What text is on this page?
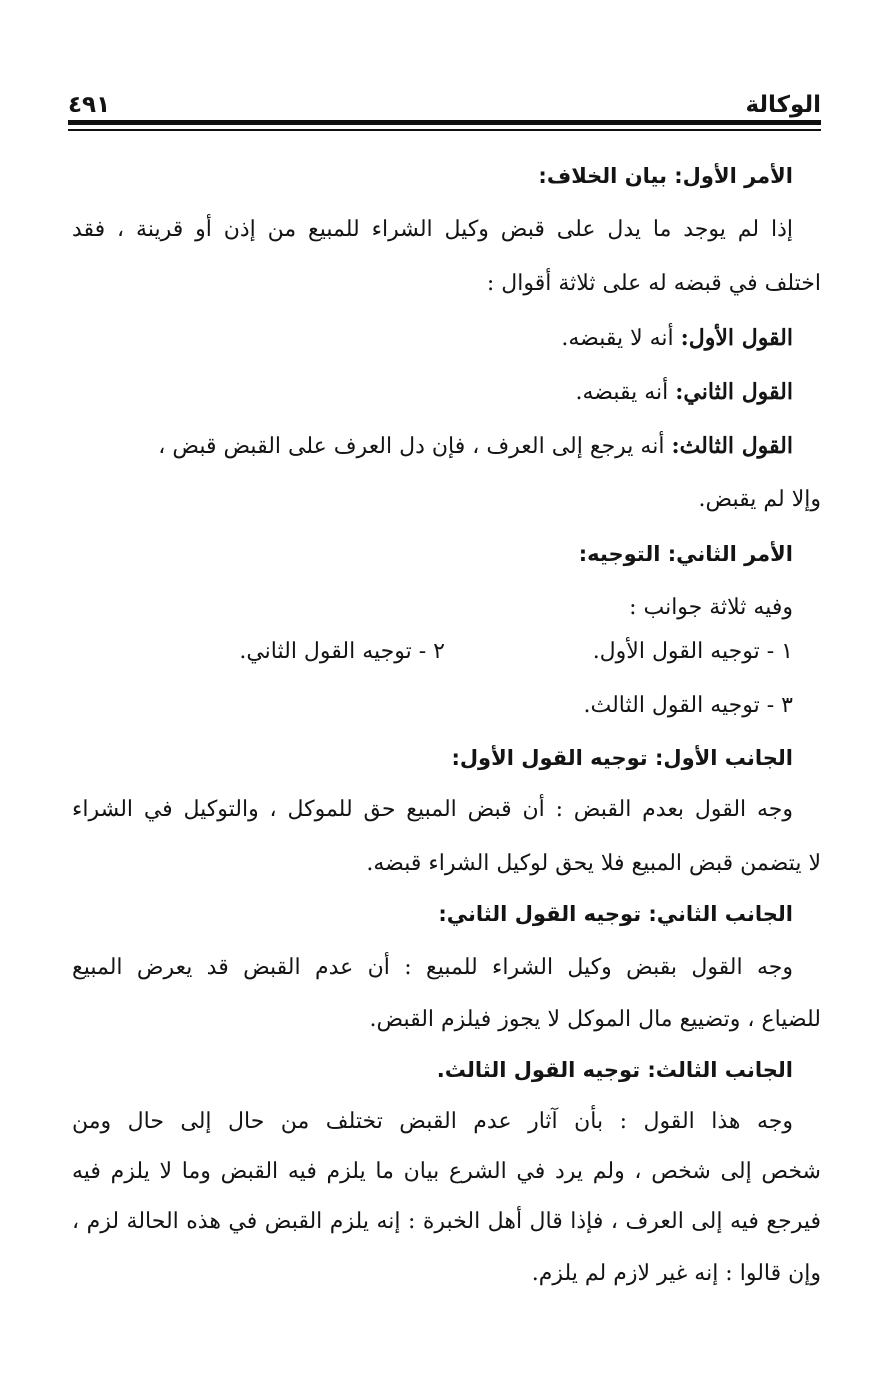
الوكالة
٤٩١
الأمر الأول: بيان الخلاف:
إذا لم يوجد ما يدل على قبض وكيل الشراء للمبيع من إذن أو قرينة ، فقد
اختلف في قبضه له على ثلاثة أقوال :
القول الأول: أنه لا يقبضه.
القول الثاني: أنه يقبضه.
القول الثالث: أنه يرجع إلى العرف ، فإن دل العرف على القبض قبض ،
وإلا لم يقبض.
الأمر الثاني: التوجيه:
وفيه ثلاثة جوانب :
١ - توجيه القول الأول.
٢ - توجيه القول الثاني.
٣ - توجيه القول الثالث.
الجانب الأول: توجيه القول الأول:
وجه القول بعدم القبض : أن قبض المبيع حق للموكل ، والتوكيل في الشراء
لا يتضمن قبض المبيع فلا يحق لوكيل الشراء قبضه.
الجانب الثاني: توجيه القول الثاني:
وجه القول بقبض وكيل الشراء للمبيع : أن عدم القبض قد يعرض المبيع
للضياع ، وتضييع مال الموكل لا يجوز فيلزم القبض.
الجانب الثالث: توجيه القول الثالث.
وجه هذا القول : بأن آثار عدم القبض تختلف من حال إلى حال ومن
شخص إلى شخص ، ولم يرد في الشرع بيان ما يلزم فيه القبض وما لا يلزم فيه
فيرجع فيه إلى العرف ، فإذا قال أهل الخبرة : إنه يلزم القبض في هذه الحالة لزم ،
وإن قالوا : إنه غير لازم لم يلزم.
